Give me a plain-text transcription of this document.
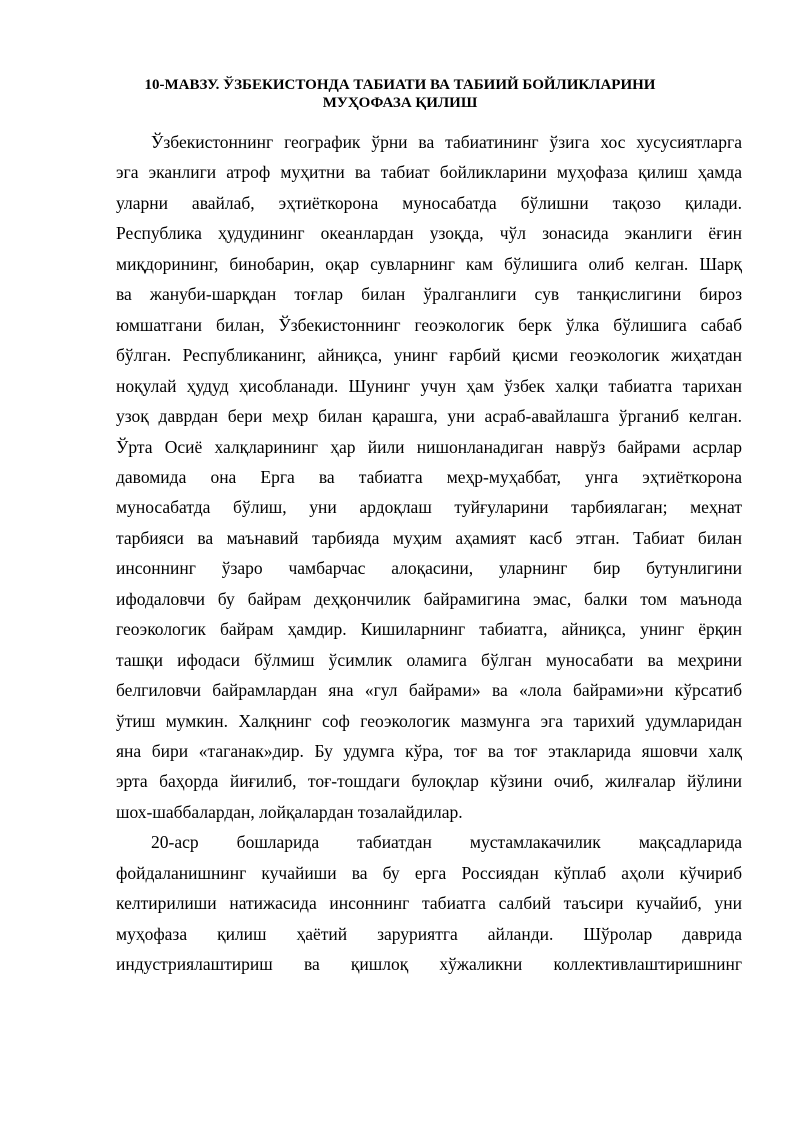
10-МАВЗУ. ЎЗБЕКИСТОНДА ТАБИАТИ ВА ТАБИИЙ БОЙЛИКЛАРИНИ
МУҲОФАЗА ҚИЛИШ
Ўзбекистоннинг географик ўрни ва табиатининг ўзига хос хусусиятларга
эга эканлиги атроф муҳитни ва табиат бойликларини муҳофаза қилиш ҳамда
уларни авайлаб, эҳтиёткорона муносабатда бўлишни тақозо қилади.
Республика ҳудудининг океанлардан узоқда, чўл зонасида эканлиги ёғин
миқдорининг, бинобарин, оқар сувларнинг кам бўлишига олиб келган. Шарқ
ва жануби-шарқдан тоғлар билан ўралганлиги сув танқислигини бироз
юмшатгани билан, Ўзбекистоннинг геоэкологик берк ўлка бўлишига сабаб
бўлган. Республиканинг, айниқса, унинг ғарбий қисми геоэкологик жиҳатдан
ноқулай ҳудуд ҳисобланади. Шунинг учун ҳам ўзбек халқи табиатга тарихан
узоқ даврдан бери меҳр билан қарашга, уни асраб-авайлашга ўрганиб келган.
Ўрта Осиё халқларининг ҳар йили нишонланадиган наврўз байрами асрлар
давомида она Ерга ва табиатга меҳр-муҳаббат, унга эҳтиёткорона
муносабатда бўлиш, уни ардоқлаш туйғуларини тарбиялаган; меҳнат
тарбияси ва маънавий тарбияда муҳим аҳамият касб этган. Табиат билан
инсоннинг ўзаро чамбарчас алоқасини, уларнинг бир бутунлигини
ифодаловчи бу байрам деҳқончилик байрамигина эмас, балки том маънода
геоэкологик байрам ҳамдир. Кишиларнинг табиатга, айниқса, унинг ёрқин
ташқи ифодаси бўлмиш ўсимлик оламига бўлган муносабати ва меҳрини
белгиловчи байрамлардан яна «гул байрами» ва «лола байрами»ни кўрсатиб
ўтиш мумкин. Халқнинг соф геоэкологик мазмунга эга тарихий удумларидан
яна бири «таганак»дир. Бу удумга кўра, тоғ ва тоғ этакларида яшовчи халқ
эрта баҳорда йиғилиб, тоғ-тошдаги булоқлар кўзини очиб, жилғалар йўлини
шох-шаббалардан, лойқалардан тозалайдилар.
20-аср бошларида табиатдан мустамлакачилик мақсадларида
фойдаланишнинг кучайиши ва бу ерга Россиядан кўплаб аҳоли кўчириб
келтирилиши натижасида инсоннинг табиатга салбий таъсири кучайиб, уни
муҳофаза қилиш ҳаётий заруриятга айланди. Шўролар даврида
индустриялаштириш ва қишлоқ хўжаликни коллективлаштиришнинг
